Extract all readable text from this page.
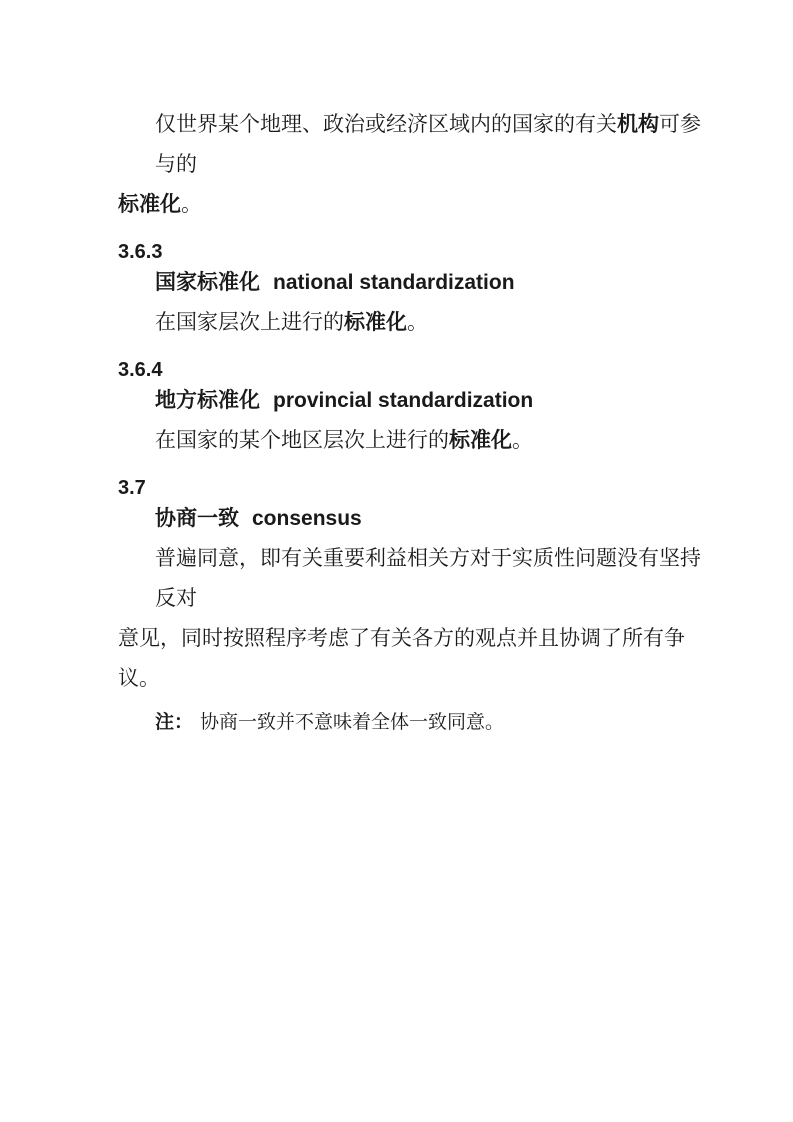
仅世界某个地理、政治或经济区域内的国家的有关机构可参与的
标准化。
3.6.3
国家标准化 national standardization
在国家层次上进行的标准化。
3.6.4
地方标准化 provincial standardization
在国家的某个地区层次上进行的标准化。
3.7
协商一致 consensus
普遍同意，即有关重要利益相关方对于实质性问题没有坚持反对
意见，同时按照程序考虑了有关各方的观点并且协调了所有争议。
注： 协商一致并不意味着全体一致同意。
